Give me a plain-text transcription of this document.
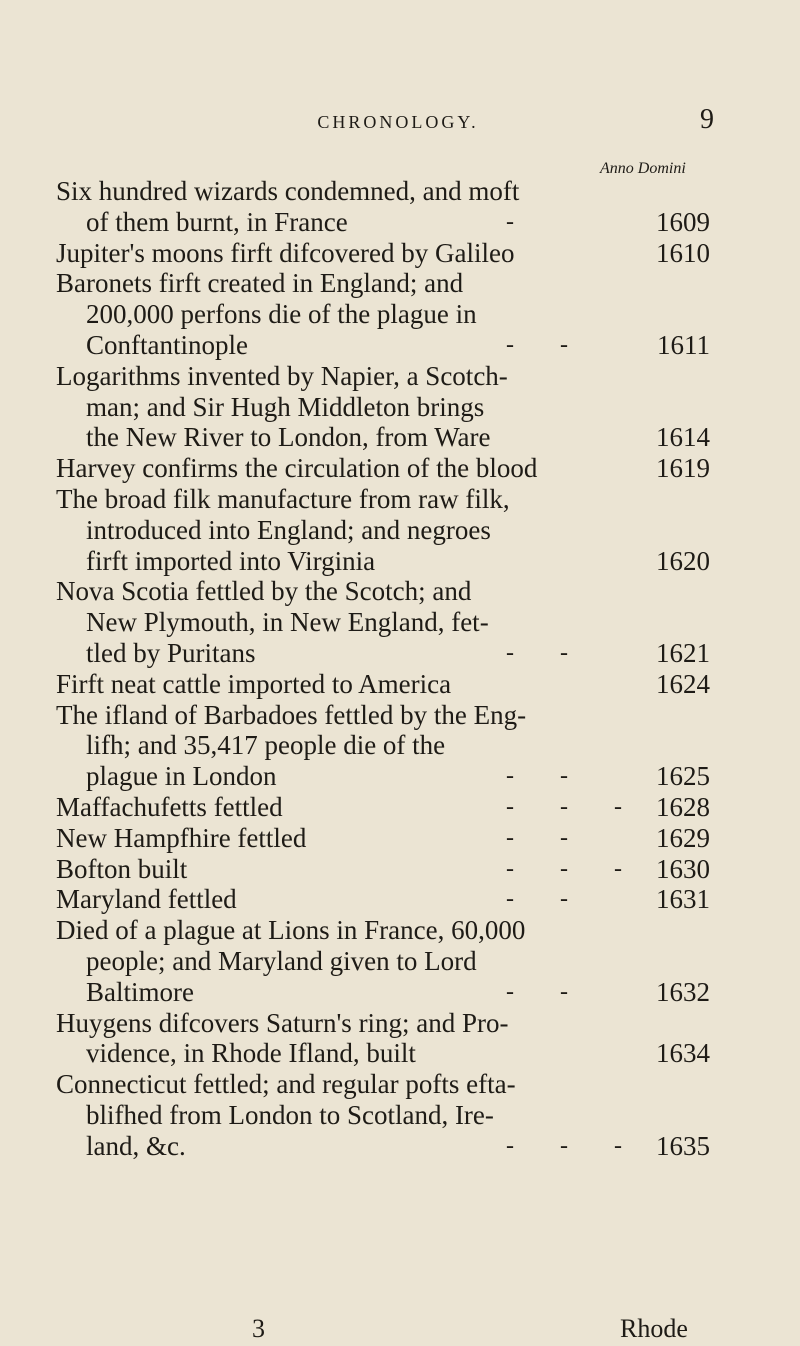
CHRONOLOGY.	9
Anno Domini
Six hundred wizards condemned, and moft
of them burnt, in France	-	1609
Jupiter's moons firft difcovered by Galileo	1610
Baronets firft created in England; and
200,000 perfons die of the plague in
Conftantinople	- -	1611
Logarithms invented by Napier, a Scotch-
man; and Sir Hugh Middleton brings
the New River to London, from Ware	1614
Harvey confirms the circulation of the blood	1619
The broad filk manufacture from raw filk,
introduced into England; and negroes
firft imported into Virginia	1620
Nova Scotia fettled by the Scotch; and
New Plymouth, in New England, fet-
tled by Puritans	- -	1621
Firft neat cattle imported to America	1624
The ifland of Barbadoes fettled by the Eng-
lifh; and 35,417 people die of the
plague in London	- -	1625
Maffachufetts fettled	- - - 1628
New Hampfhire fettled	- -	1629
Bofton built	- - - 1630
Maryland fettled	- -	1631
Died of a plague at Lions in France, 60,000
people; and Maryland given to Lord
Baltimore	- -	1632
Huygens difcovers Saturn's ring; and Pro-
vidence, in Rhode Ifland, built	1634
Connecticut fettled; and regular pofts efta-
blifhed from London to Scotland, Ire-
land, &c.	- - - 1635
3	Rhode
